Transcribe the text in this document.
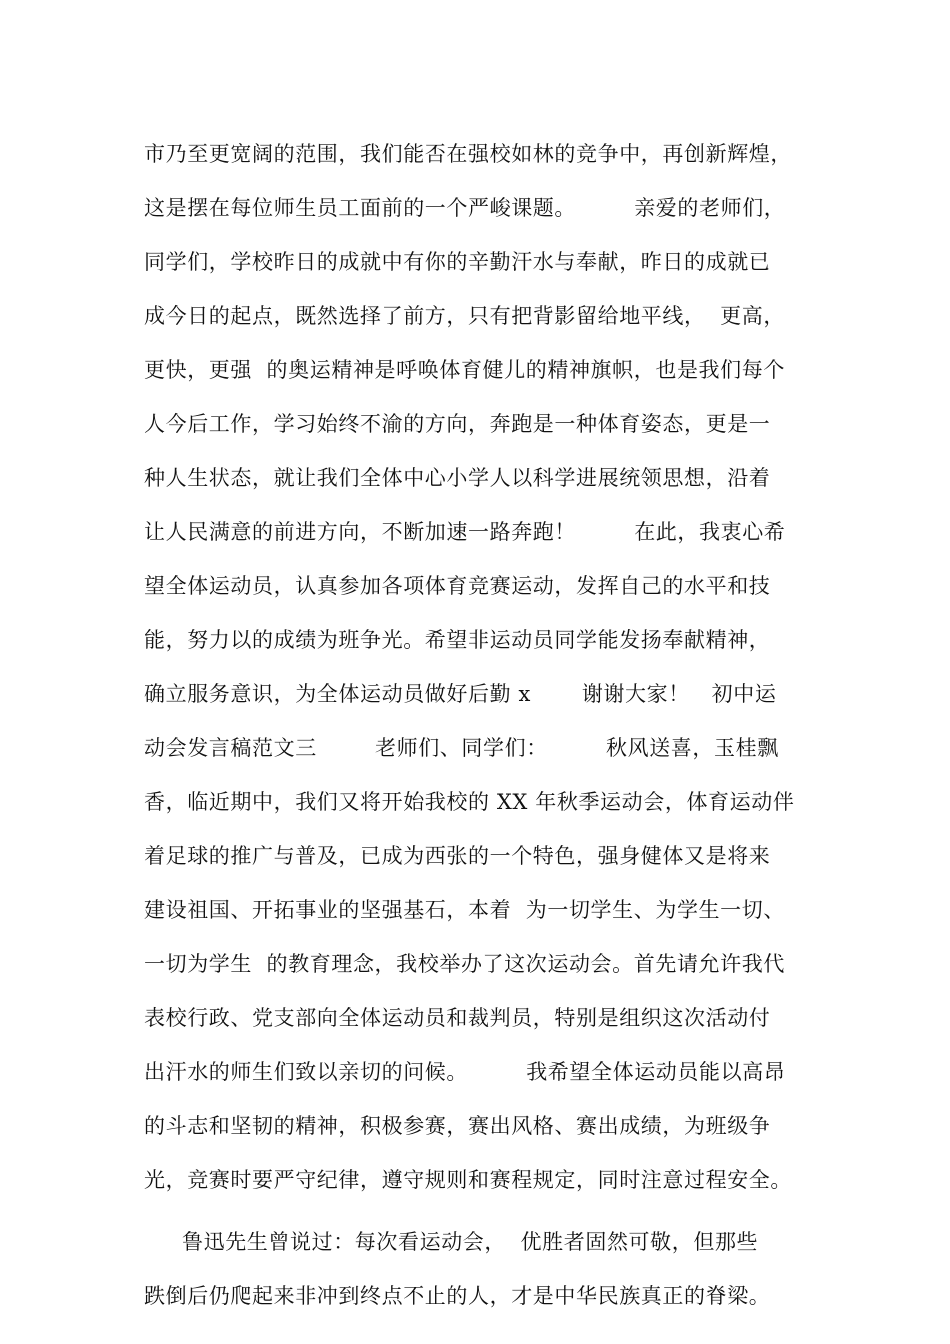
市乃至更宽阔的范围，我们能否在强校如林的竞争中，再创新辉煌，
这是摆在每位师生员工面前的一个严峻课题。        亲爱的老师们，
同学们，学校昨日的成就中有你的辛勤汗水与奉献，昨日的成就已
成今日的起点，既然选择了前方，只有把背影留给地平线，  更高，
更快，更强  的奥运精神是呼唤体育健儿的精神旗帜，也是我们每个
人今后工作，学习始终不渝的方向，奔跑是一种体育姿态，更是一
种人生状态，就让我们全体中心小学人以科学进展统领思想，沿着
让人民满意的前进方向，不断加速一路奔跑！        在此，我衷心希
望全体运动员，认真参加各项体育竞赛运动，发挥自己的水平和技
能，努力以的成绩为班争光。希望非运动员同学能发扬奉献精神，
确立服务意识，为全体运动员做好后勤 x       谢谢大家！   初中运
动会发言稿范文三        老师们、同学们：        秋风送喜，玉桂飘
香，临近期中，我们又将开始我校的 XX 年秋季运动会，体育运动伴
着足球的推广与普及，已成为西张的一个特色，强身健体又是将来
建设祖国、开拓事业的坚强基石，本着  为一切学生、为学生一切、
一切为学生  的教育理念，我校举办了这次运动会。首先请允许我代
表校行政、党支部向全体运动员和裁判员，特别是组织这次活动付
出汗水的师生们致以亲切的问候。        我希望全体运动员能以高昂
的斗志和坚韧的精神，积极参赛，赛出风格、赛出成绩，为班级争
光，竞赛时要严守纪律，遵守规则和赛程规定，同时注意过程安全。
鲁迅先生曾说过：每次看运动会，  优胜者固然可敬，但那些
跌倒后仍爬起来非冲到终点不止的人，才是中华民族真正的脊梁。
